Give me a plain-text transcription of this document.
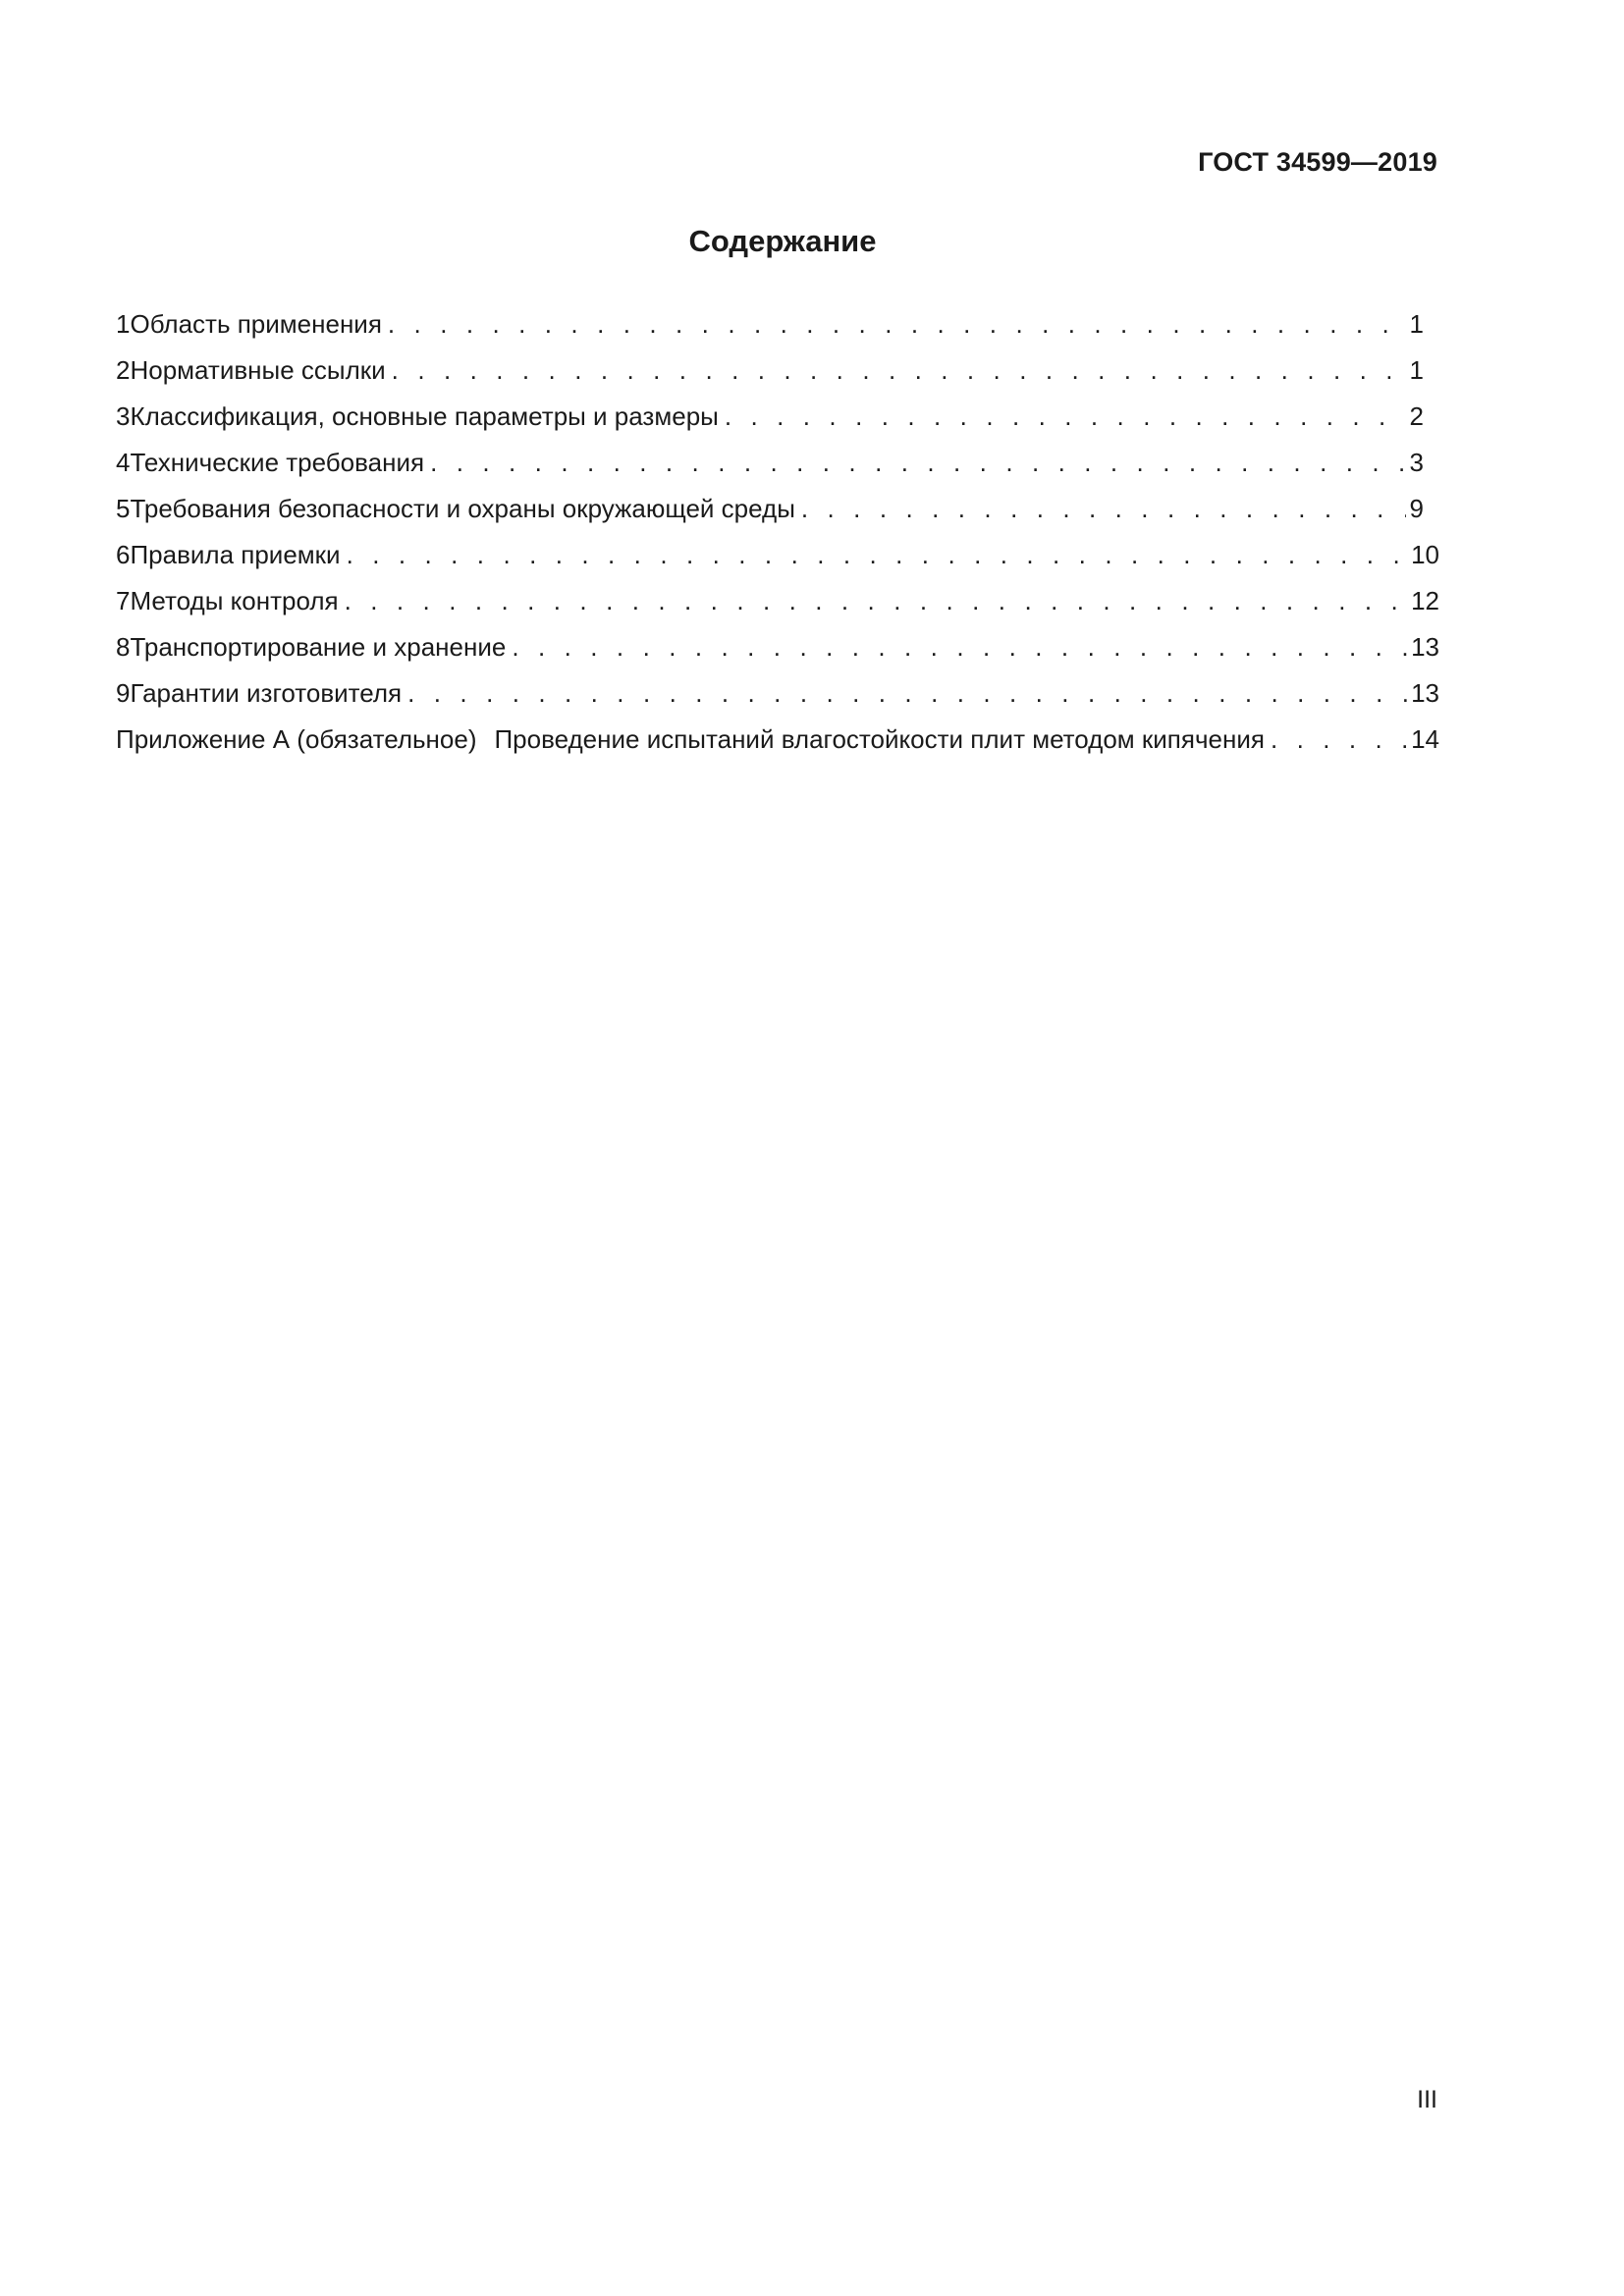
ГОСТ 34599—2019
Содержание
1 Область применения . . .	1
2 Нормативные ссылки . . .	1
3 Классификация, основные параметры и размеры . . .	2
4 Технические требования . . .	3
5 Требования безопасности и охраны окружающей среды . . .	9
6 Правила приемки . . .	10
7 Методы контроля . . .	12
8 Транспортирование и хранение . . .	13
9 Гарантии изготовителя . . .	13
Приложение А (обязательное) Проведение испытаний влагостойкости плит методом кипячения . . .	14
III
